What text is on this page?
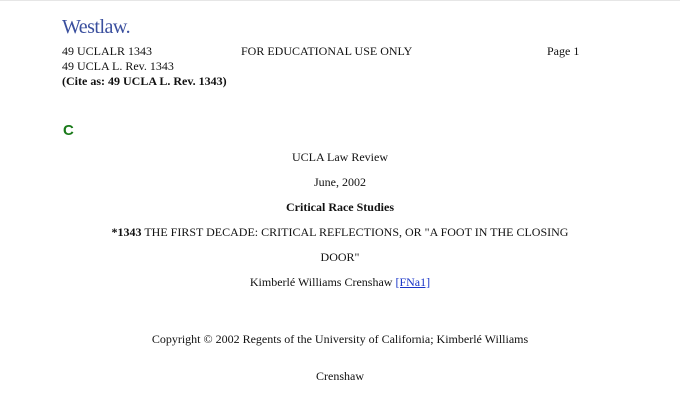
Westlaw.
49 UCLALR 1343
49 UCLA L. Rev. 1343
(Cite as: 49 UCLA L. Rev. 1343)
FOR EDUCATIONAL USE ONLY	Page 1
C
UCLA Law Review
June, 2002
Critical Race Studies
*1343 THE FIRST DECADE: CRITICAL REFLECTIONS, OR "A FOOT IN THE CLOSING
DOOR"
Kimberlé Williams Crenshaw [FNa1]
Copyright © 2002 Regents of the University of California; Kimberlé Williams
Crenshaw
